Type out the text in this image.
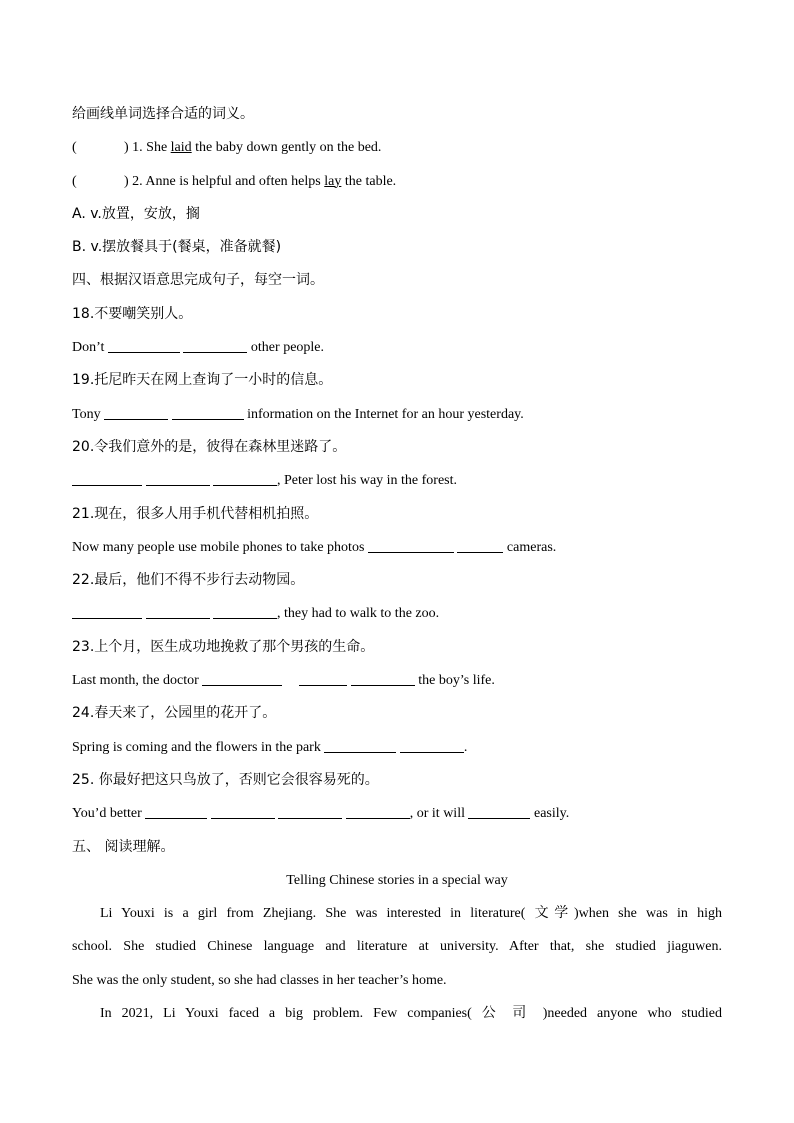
给画线单词选择合适的词义。
(	) 1. She laid the baby down gently on the bed.
(	) 2. Anne is helpful and often helps lay the table.
A. v.放置，安放，搁
B. v.摆放餐具于(餐桌，准备就餐)
四、根据汉语意思完成句子，每空一词。
18.不要嘲笑别人。
Don’t	other people.
19.托尼昨天在网上查询了一小时的信息。
Tony	information on the Internet for an hour yesterday.
20.令我们意外的是，彼得在森林里迷路了。
, Peter lost his way in the forest.
21.现在，很多人用手机代替相机拍照。
Now many people use mobile phones to take photos	cameras.
22.最后，他们不得不步行去动物园。
, they had to walk to the zoo.
23.上个月，医生成功地挽救了那个男孩的生命。
Last month, the doctor	the boy’s life.
24.春天来了，公园里的花开了。
Spring is coming and the flowers in the park	.
25. 你最好把这只鸟放了，否则它会很容易死的。
You’d better	, or it will	easily.
五、 阅读理解。
Telling Chinese stories in a special way
Li Youxi is a girl from Zhejiang. She was interested in literature( 文学)when she was in high
school. She studied Chinese language and literature at university. After that, she studied jiaguwen.
She was the only student, so she had classes in her teacher’s home.
In 2021, Li Youxi faced a big problem. Few companies( 公 司 )needed anyone who studied
